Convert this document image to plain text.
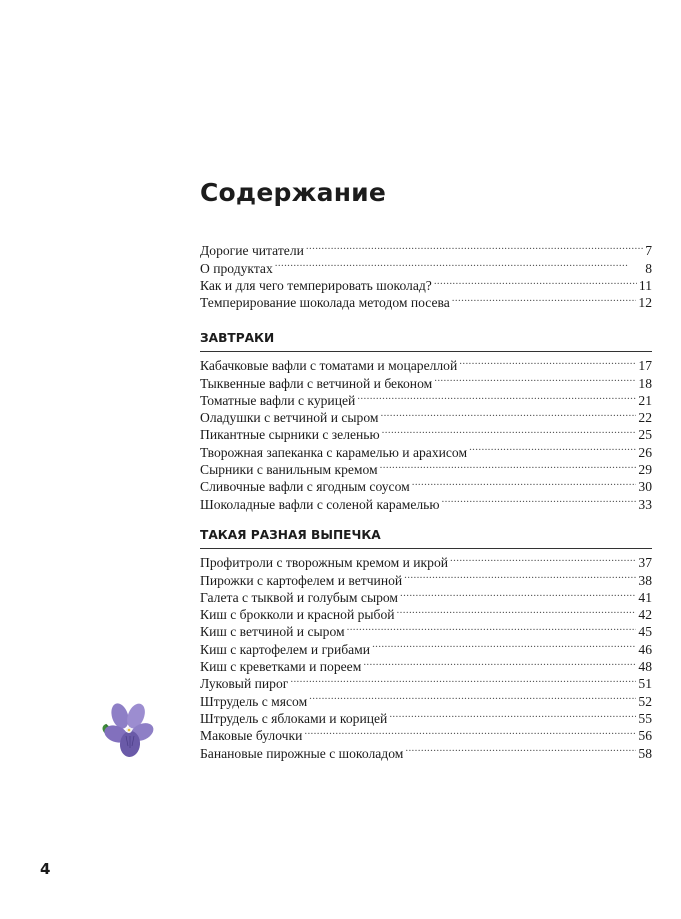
Содержание
Дорогие читатели . . .	7
О продуктах . . .	8
Как и для чего темперировать шоколад? . . .	11
Темперирование шоколада методом посева . . .	12
ЗАВТРАКИ
Кабачковые вафли с томатами и моцареллой . . .	17
Тыквенные вафли с ветчиной и беконом . . .	18
Томатные вафли с курицей . . .	21
Оладушки с ветчиной и сыром . . .	22
Пикантные сырники с зеленью . . .	25
Творожная запеканка с карамелью и арахисом . . .	26
Сырники с ванильным кремом . . .	29
Сливочные вафли с ягодным соусом . . .	30
Шоколадные вафли с соленой карамелью . . .	33
ТАКАЯ РАЗНАЯ ВЫПЕЧКА
Профитроли с творожным кремом и икрой . . .	37
Пирожки с картофелем и ветчиной . . .	38
Галета с тыквой и голубым сыром . . .	41
Киш с брокколи и красной рыбой . . .	42
Киш с ветчиной и сыром . . .	45
Киш с картофелем и грибами . . .	46
Киш с креветками и пореем . . .	48
Луковый пирог . . .	51
Штрудель с мясом . . .	52
Штрудель с яблоками и корицей . . .	55
Маковые булочки . . .	56
Банановые пирожные с шоколадом . . .	58
4
